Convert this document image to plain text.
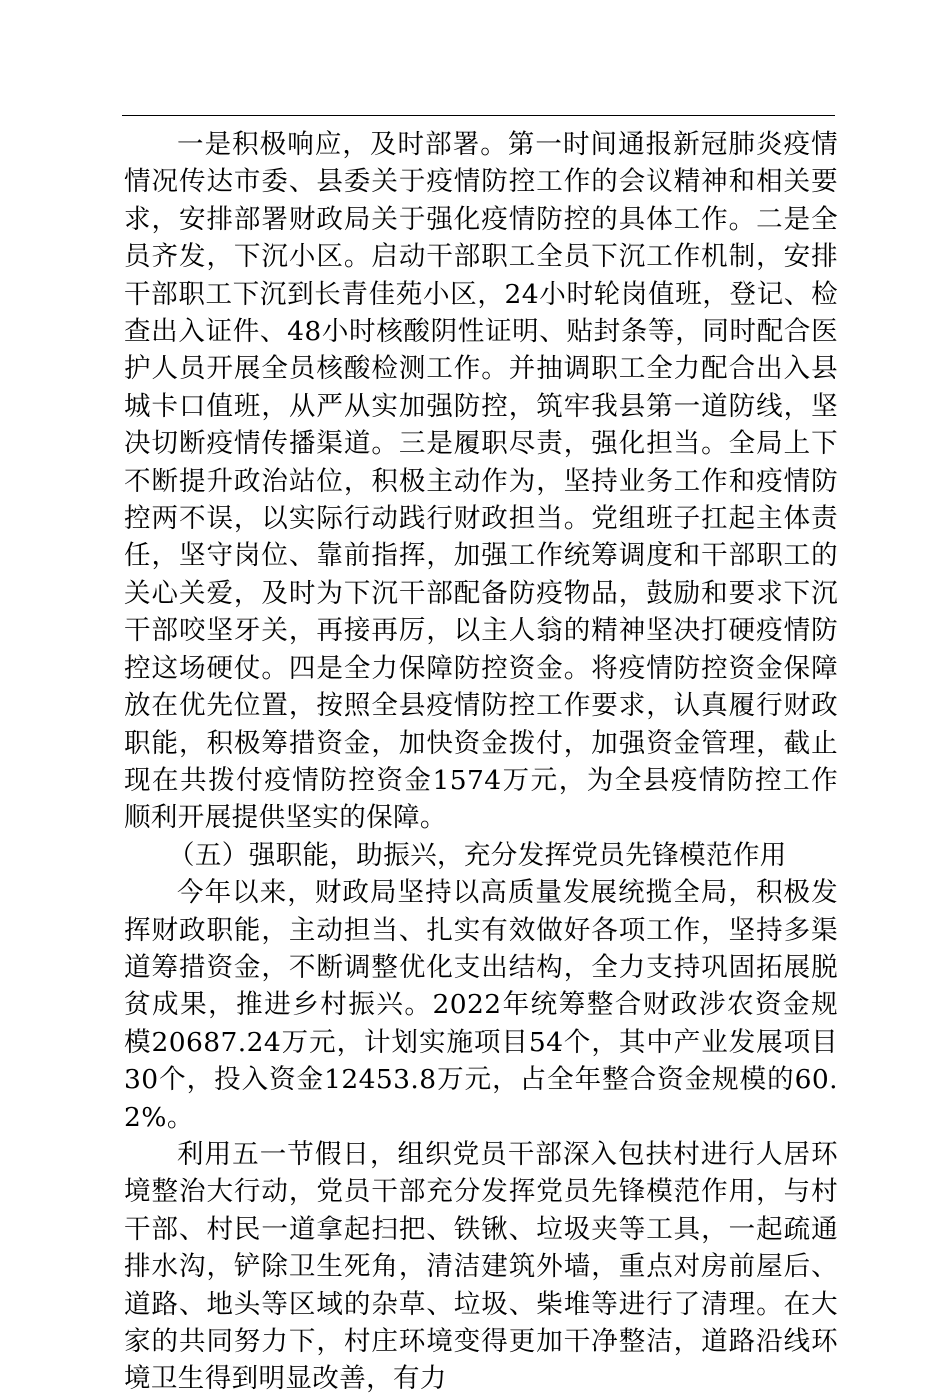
一是积极响应，及时部署。第一时间通报新冠肺炎疫情情况传达市委、县委关于疫情防控工作的会议精神和相关要求，安排部署财政局关于强化疫情防控的具体工作。二是全员齐发，下沉小区。启动干部职工全员下沉工作机制，安排干部职工下沉到长青佳苑小区，24小时轮岗值班，登记、检查出入证件、48小时核酸阴性证明、贴封条等，同时配合医护人员开展全员核酸检测工作。并抽调职工全力配合出入县城卡口值班，从严从实加强防控，筑牢我县第一道防线，坚决切断疫情传播渠道。三是履职尽责，强化担当。全局上下不断提升政治站位，积极主动作为，坚持业务工作和疫情防控两不误，以实际行动践行财政担当。党组班子扛起主体责任，坚守岗位、靠前指挥，加强工作统筹调度和干部职工的关心关爱，及时为下沉干部配备防疫物品，鼓励和要求下沉干部咬坚牙关，再接再厉，以主人翁的精神坚决打硬疫情防控这场硬仗。四是全力保障防控资金。将疫情防控资金保障放在优先位置，按照全县疫情防控工作要求，认真履行财政职能，积极筹措资金，加快资金拨付，加强资金管理，截止现在共拨付疫情防控资金1574万元，为全县疫情防控工作顺利开展提供坚实的保障。

（五）强职能，助振兴，充分发挥党员先锋模范作用

今年以来，财政局坚持以高质量发展统揽全局，积极发挥财政职能，主动担当、扎实有效做好各项工作，坚持多渠道筹措资金，不断调整优化支出结构，全力支持巩固拓展脱贫成果，推进乡村振兴。2022年统筹整合财政涉农资金规模20687.24万元，计划实施项目54个，其中产业发展项目30个，投入资金12453.8万元，占全年整合资金规模的60.2%。

利用五一节假日，组织党员干部深入包扶村进行人居环境整治大行动，党员干部充分发挥党员先锋模范作用，与村干部、村民一道拿起扫把、铁锹、垃圾夹等工具，一起疏通排水沟，铲除卫生死角，清洁建筑外墙，重点对房前屋后、道路、地头等区域的杂草、垃圾、柴堆等进行了清理。在大家的共同努力下，村庄环境变得更加干净整洁，道路沿线环境卫生得到明显改善，有力
